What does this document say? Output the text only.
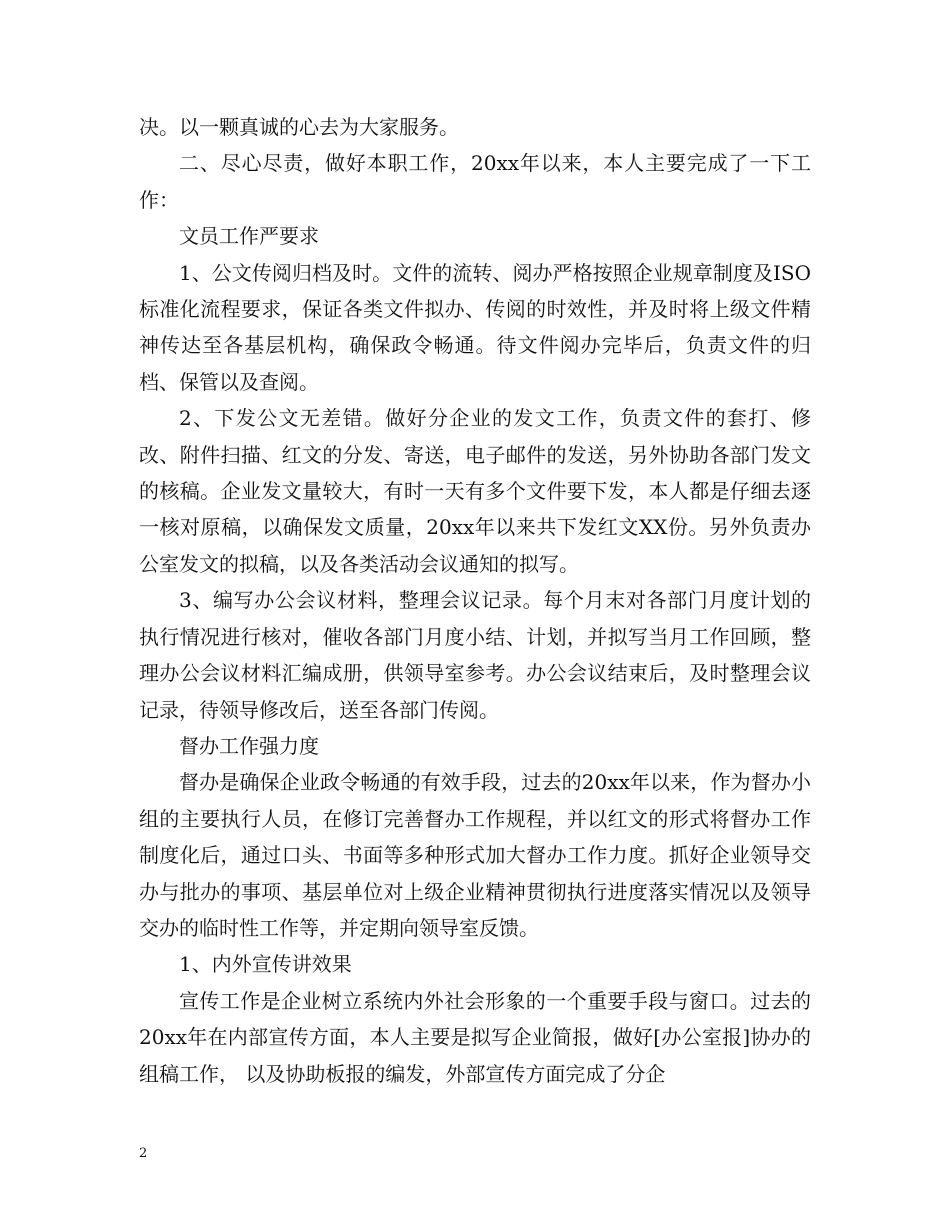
决。以一颗真诚的心去为大家服务。

二、尽心尽责，做好本职工作，20xx年以来，本人主要完成了一下工作：

文员工作严要求

1、公文传阅归档及时。文件的流转、阅办严格按照企业规章制度及ISO标准化流程要求，保证各类文件拟办、传阅的时效性，并及时将上级文件精神传达至各基层机构，确保政令畅通。待文件阅办完毕后，负责文件的归档、保管以及查阅。

2、下发公文无差错。做好分企业的发文工作，负责文件的套打、修改、附件扫描、红文的分发、寄送，电子邮件的发送，另外协助各部门发文的核稿。企业发文量较大，有时一天有多个文件要下发，本人都是仔细去逐一核对原稿，以确保发文质量，20xx年以来共下发红文XX份。另外负责办公室发文的拟稿，以及各类活动会议通知的拟写。

3、编写办公会议材料，整理会议记录。每个月末对各部门月度计划的执行情况进行核对，催收各部门月度小结、计划，并拟写当月工作回顾，整理办公会议材料汇编成册，供领导室参考。办公会议结束后，及时整理会议记录，待领导修改后，送至各部门传阅。

督办工作强力度

督办是确保企业政令畅通的有效手段，过去的20xx年以来，作为督办小组的主要执行人员，在修订完善督办工作规程，并以红文的形式将督办工作制度化后，通过口头、书面等多种形式加大督办工作力度。抓好企业领导交办与批办的事项、基层单位对上级企业精神贯彻执行进度落实情况以及领导交办的临时性工作等，并定期向领导室反馈。

1、内外宣传讲效果

宣传工作是企业树立系统内外社会形象的一个重要手段与窗口。过去的20xx年在内部宣传方面，本人主要是拟写企业简报，做好[办公室报]协办的组稿工作， 以及协助板报的编发，外部宣传方面完成了分企

2
